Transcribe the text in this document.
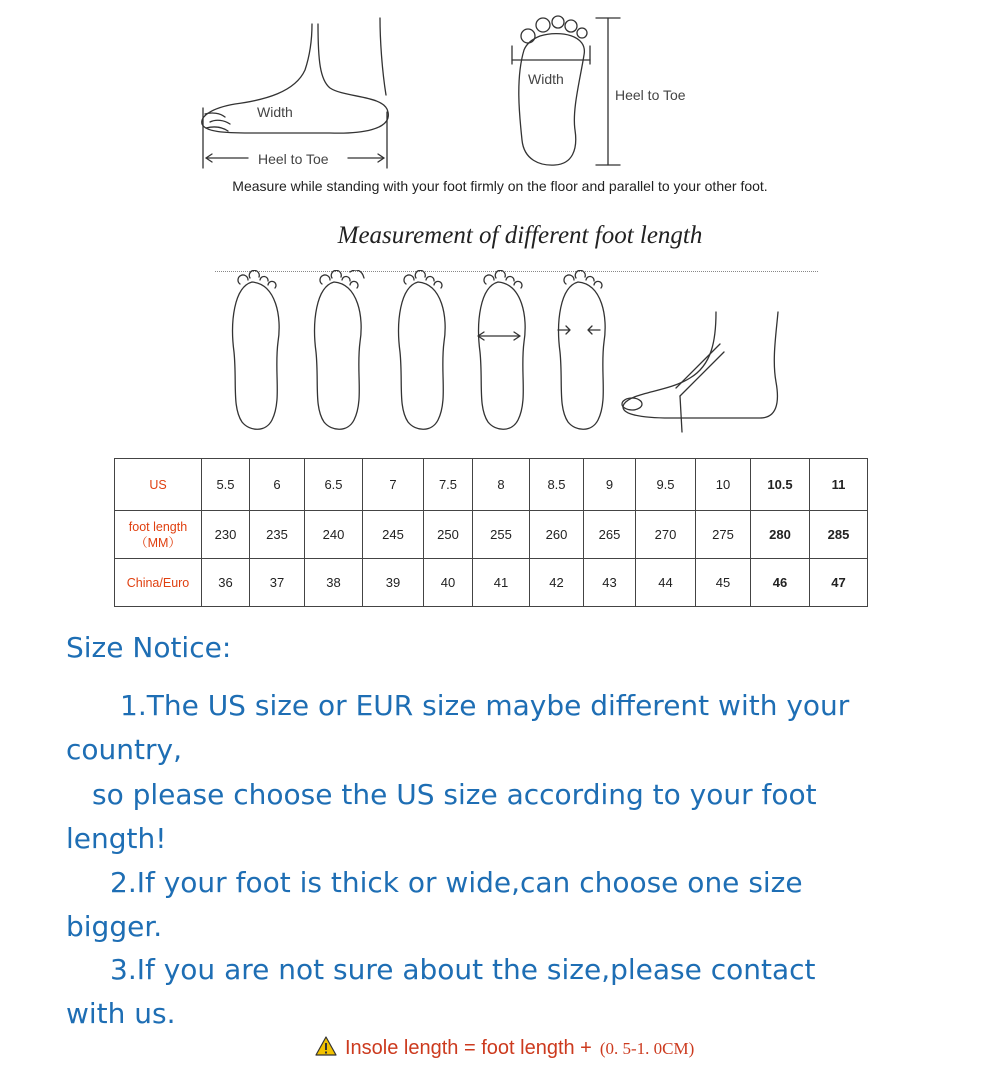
Width
Heel to Toe
Width
Heel to Toe
Measure while standing with your foot firmly on the floor and parallel to your other foot.
Measurement of different foot length
US	5.5	6	6.5	7	7.5	8	8.5	9	9.5	10	10.5	11
foot length
（MM）	230	235	240	245	250	255	260	265	270	275	280	285
China/Euro	36	37	38	39	40	41	42	43	44	45	46	47
Size Notice:
1.The US size or EUR size maybe different with your
country,
so please choose the US size according to your foot
length!
2.If your foot is thick or wide,can choose one size
bigger.
3.If you are not sure about the size,please contact
with us.
Insole length = foot length + (0. 5-1. 0CM)
